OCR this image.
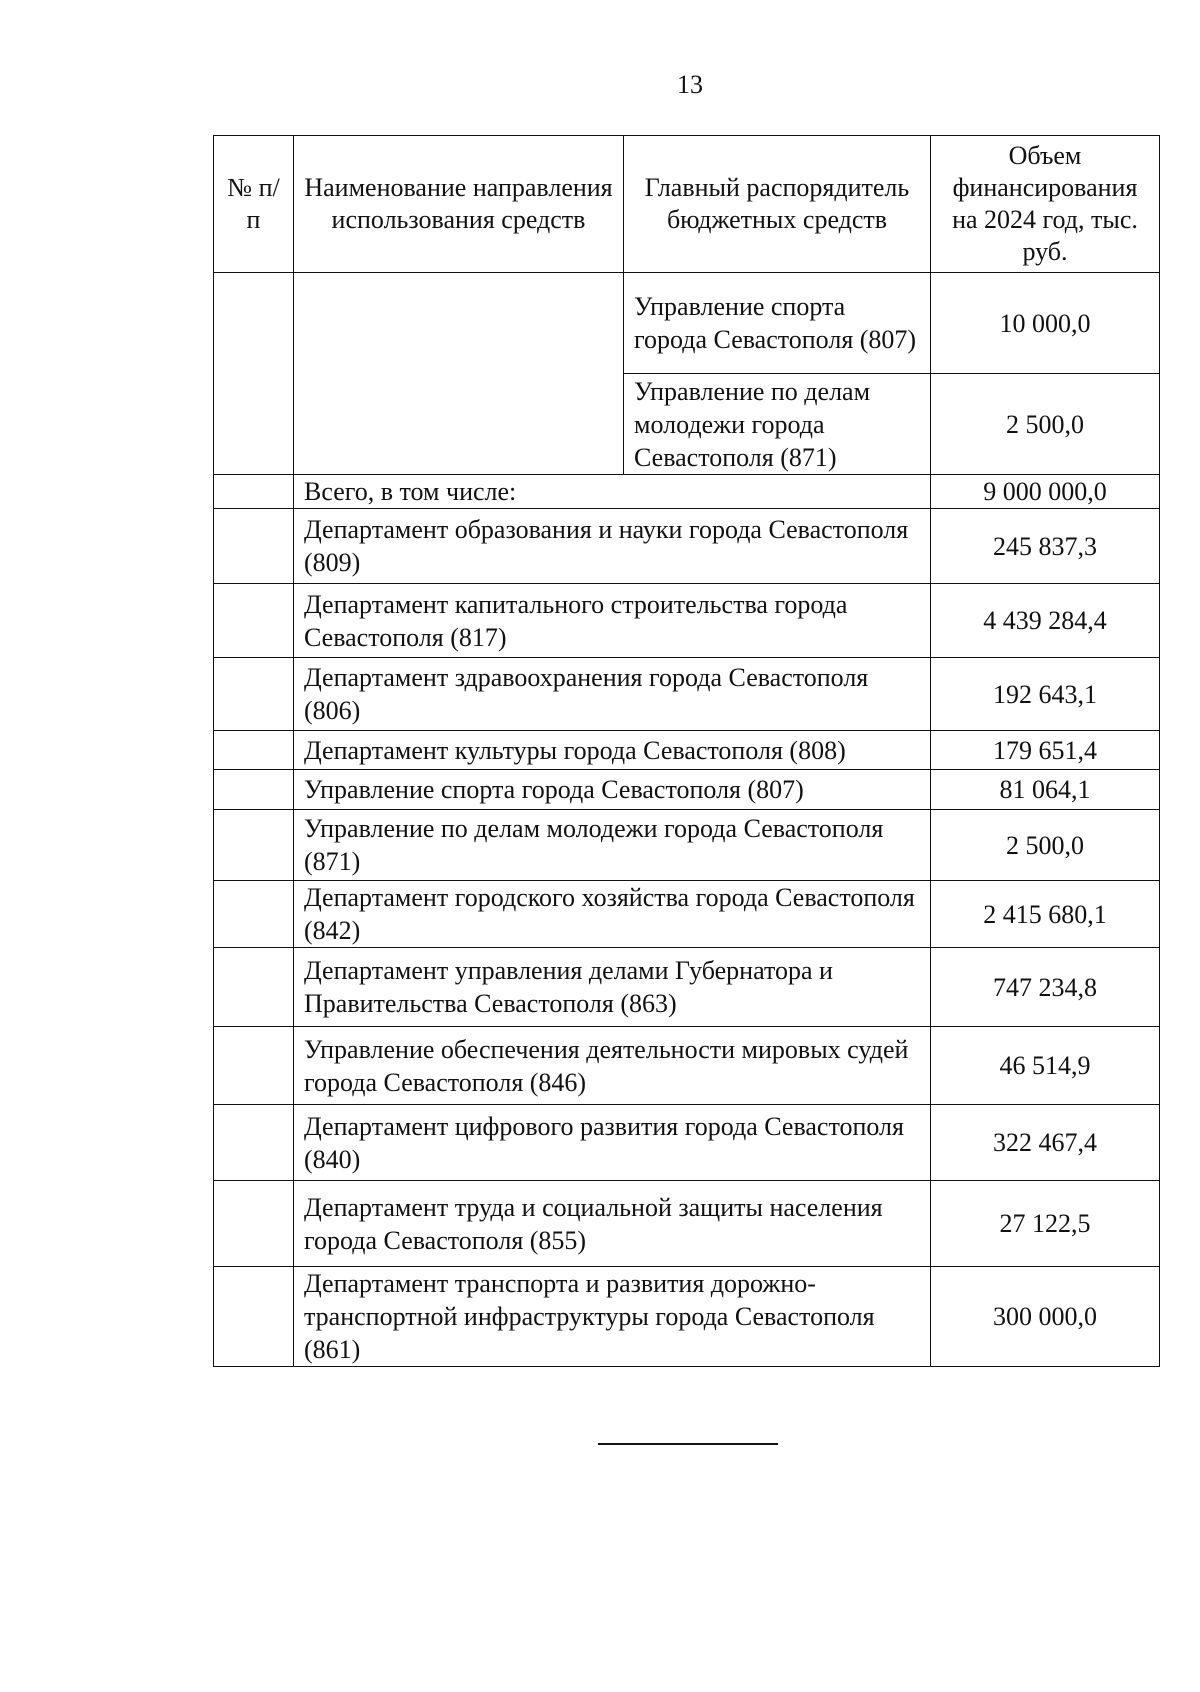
13
№ п/п	Наименование направления использования средств	Главный распорядитель бюджетных средств	Объем финансирования на 2024 год, тыс. руб.
		Управление спорта города Севастополя (807)	10 000,0
		Управление по делам молодежи города Севастополя (871)	2 500,0
	Всего, в том числе:		9 000 000,0
	Департамент образования и науки города Севастополя (809)		245 837,3
	Департамент капитального строительства города Севастополя (817)		4 439 284,4
	Департамент здравоохранения города Севастополя (806)		192 643,1
	Департамент культуры города Севастополя (808)		179 651,4
	Управление спорта города Севастополя (807)		81 064,1
	Управление по делам молодежи города Севастополя (871)		2 500,0
	Департамент городского хозяйства города Севастополя (842)		2 415 680,1
	Департамент управления делами Губернатора и Правительства Севастополя (863)		747 234,8
	Управление обеспечения деятельности мировых судей города Севастополя (846)		46 514,9
	Департамент цифрового развития города Севастополя (840)		322 467,4
	Департамент труда и социальной защиты населения города Севастополя (855)		27 122,5
	Департамент транспорта и развития дорожно-транспортной инфраструктуры города Севастополя (861)		300 000,0
